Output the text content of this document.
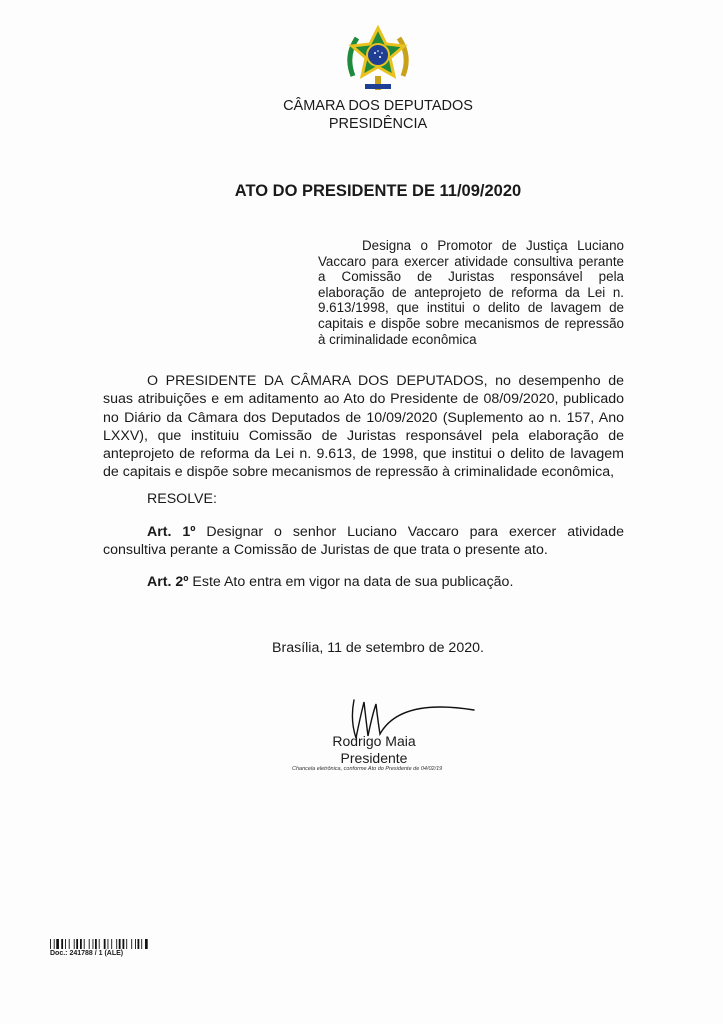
CÂMARA DOS DEPUTADOS
PRESIDÊNCIA
ATO DO PRESIDENTE DE 11/09/2020
Designa o Promotor de Justiça Luciano Vaccaro para exercer atividade consultiva perante a Comissão de Juristas responsável pela elaboração de anteprojeto de reforma da Lei n. 9.613/1998, que institui o delito de lavagem de capitais e dispõe sobre mecanismos de repressão à criminalidade econômica
O PRESIDENTE DA CÂMARA DOS DEPUTADOS, no desempenho de suas atribuições e em aditamento ao Ato do Presidente de 08/09/2020, publicado no Diário da Câmara dos Deputados de 10/09/2020 (Suplemento ao n. 157, Ano LXXV), que instituiu Comissão de Juristas responsável pela elaboração de anteprojeto de reforma da Lei n. 9.613, de 1998, que institui o delito de lavagem de capitais e dispõe sobre mecanismos de repressão à criminalidade econômica,
RESOLVE:
Art. 1º Designar o senhor Luciano Vaccaro para exercer atividade consultiva perante a Comissão de Juristas de que trata o presente ato.
Art. 2º Este Ato entra em vigor na data de sua publicação.
Brasília, 11 de setembro de 2020.
Rodrigo Maia
Presidente
Chancela eletrônica, conforme Ato do Presidente de 04/02/19
Doc.: 241788 / 1 (ALE)
